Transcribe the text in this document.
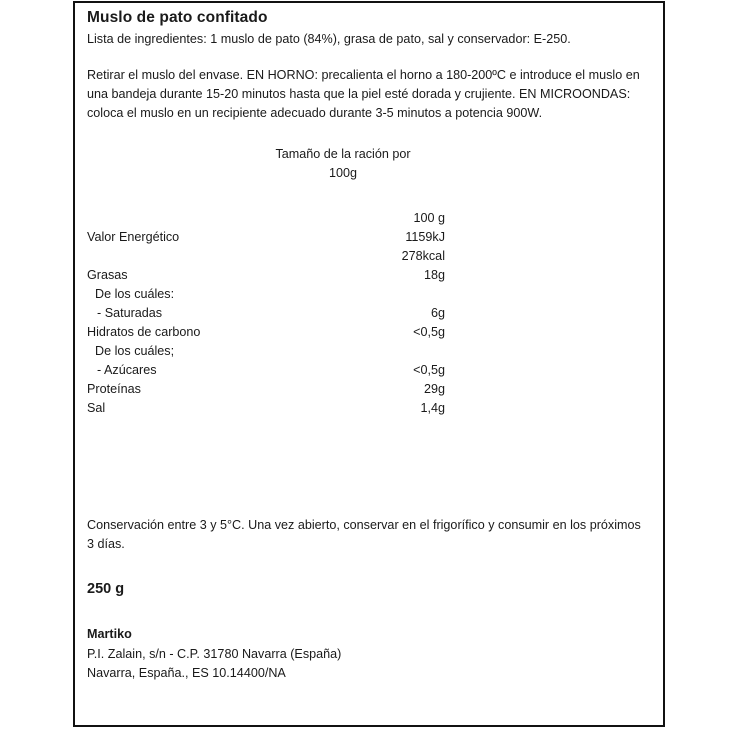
Muslo de pato confitado

Lista de ingredientes: 1 muslo de pato (84%), grasa de pato, sal y conservador: E-250.

Retirar el muslo del envase. EN HORNO: precalienta el horno a 180-200ºC e introduce el muslo en una bandeja durante 15-20 minutos hasta que la piel esté dorada y crujiente. EN MICROONDAS: coloca el muslo en un recipiente adecuado durante 3-5 minutos a potencia 900W.

Tamaño de la ración por
100g
	100 g
Valor Energético	1159kJ
	278kcal
Grasas	18g
De los cuáles:	
- Saturadas	6g
Hidratos de carbono	<0,5g
De los cuáles;	
- Azúcares	<0,5g
Proteínas	29g
Sal	1,4g

Conservación entre 3 y 5°C. Una vez abierto, conservar en el frigorífico y consumir en los próximos 3 días.

250 g
Martiko
P.I. Zalain, s/n - C.P. 31780 Navarra (España)
Navarra, España., ES 10.14400/NA
